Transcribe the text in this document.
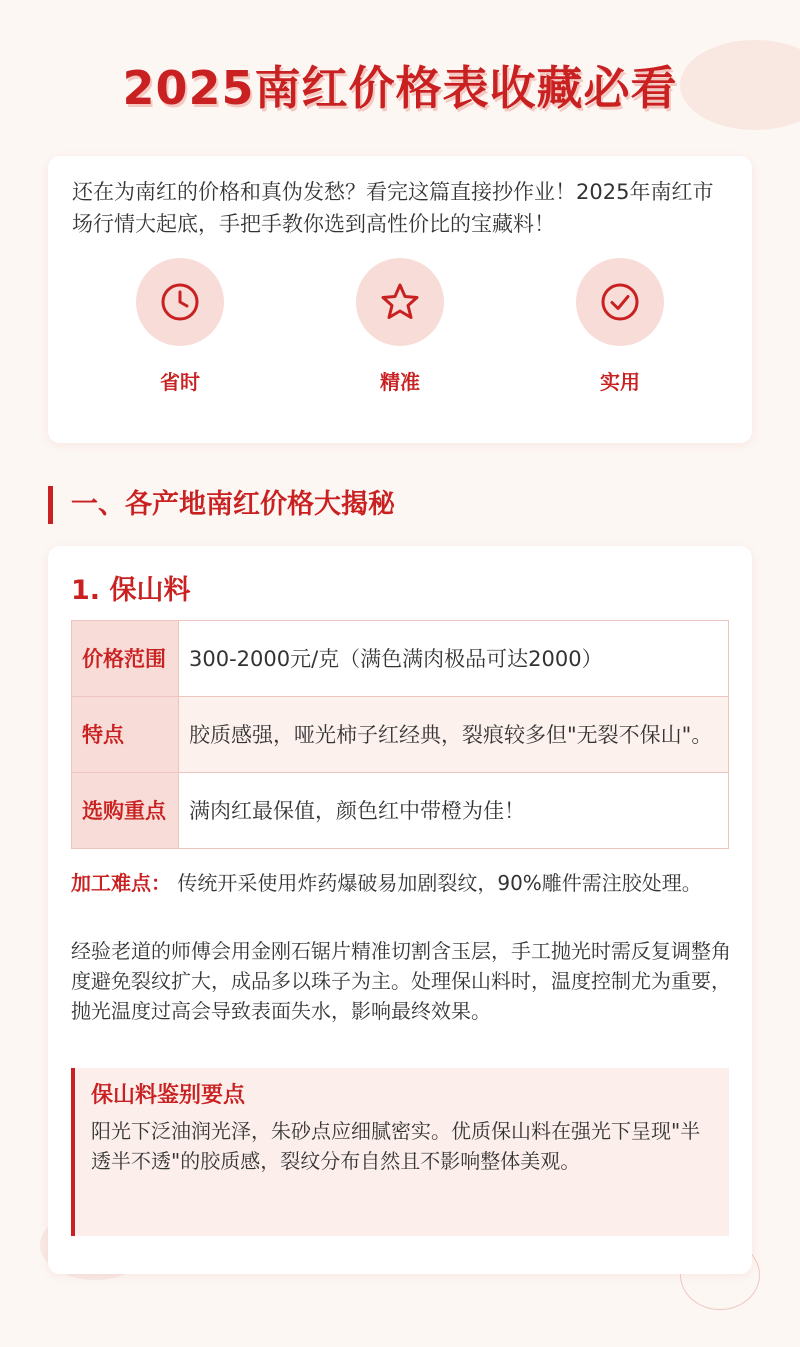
2025南红价格表收藏必看

还在为南红的价格和真伪发愁？看完这篇直接抄作业！2025年南红市场行情大起底，手把手教你选到高性价比的宝藏料！

省时	精准	实用
一、各产地南红价格大揭秘
1. 保山料
价格范围	300-2000元/克（满色满肉极品可达2000）
特点	胶质感强，哑光柿子红经典，裂痕较多但"无裂不保山"。
选购重点	满肉红最保值，颜色红中带橙为佳！

加工难点： 传统开采使用炸药爆破易加剧裂纹，90%雕件需注胶处理。

经验老道的师傅会用金刚石锯片精准切割含玉层，手工抛光时需反复调整角度避免裂纹扩大，成品多以珠子为主。处理保山料时，温度控制尤为重要，抛光温度过高会导致表面失水，影响最终效果。

保山料鉴别要点
阳光下泛油润光泽，朱砂点应细腻密实。优质保山料在强光下呈现"半透半不透"的胶质感，裂纹分布自然且不影响整体美观。
